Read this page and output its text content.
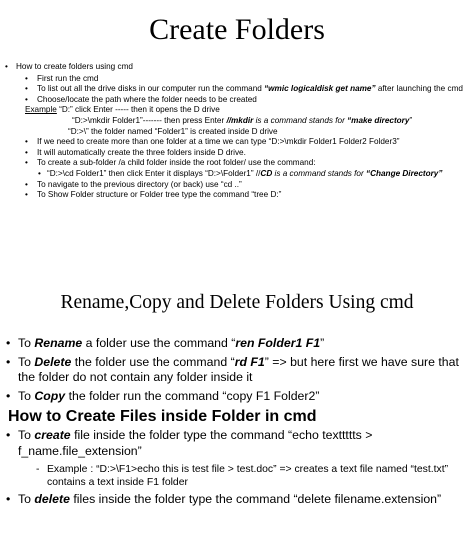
Create Folders
• How to create folders using cmd
• First run the cmd
• To list out all the drive disks in our computer run the command “wmic logicaldisk get name” after launching the cmd
• Choose/locate the path where the folder needs to be created
Example “D:” click Enter ----- then it opens the D drive
“D:>\mkdir Folder1”------- then press Enter //mkdir is a command stands for “make directory”
“D:>\” the folder named “Folder1” is created inside D drive
• If we need to create more than one folder at a time we can type “D:>\mkdir Folder1 Folder2 Folder3”
• It will automatically create the three folders inside D drive.
• To create a sub-folder /a child folder inside the root folder/ use the command:
• “D:>\cd Folder1” then click Enter it displays “D:>\Folder1” //CD is a command stands for “Change Directory”
• To navigate to the previous directory (or back) use “cd ..”
• To Show Folder structure or Folder tree type the command “tree D:”
Rename,Copy and Delete Folders Using cmd
• To Rename a folder use the command “ren Folder1 F1”
• To Delete the folder use the command “rd F1” => but here first we have sure that the folder do not contain any folder inside it
• To Copy the folder run the command “copy F1 Folder2”
How to Create Files inside Folder in cmd
• To create file inside the folder type the command “echo texttttts > f_name.file_extension”
- Example : “D:>\F1>echo this is test file > test.doc” => creates a text file named “test.txt” contains a text inside F1 folder
• To delete files inside the folder type the command “delete filename.extension”
